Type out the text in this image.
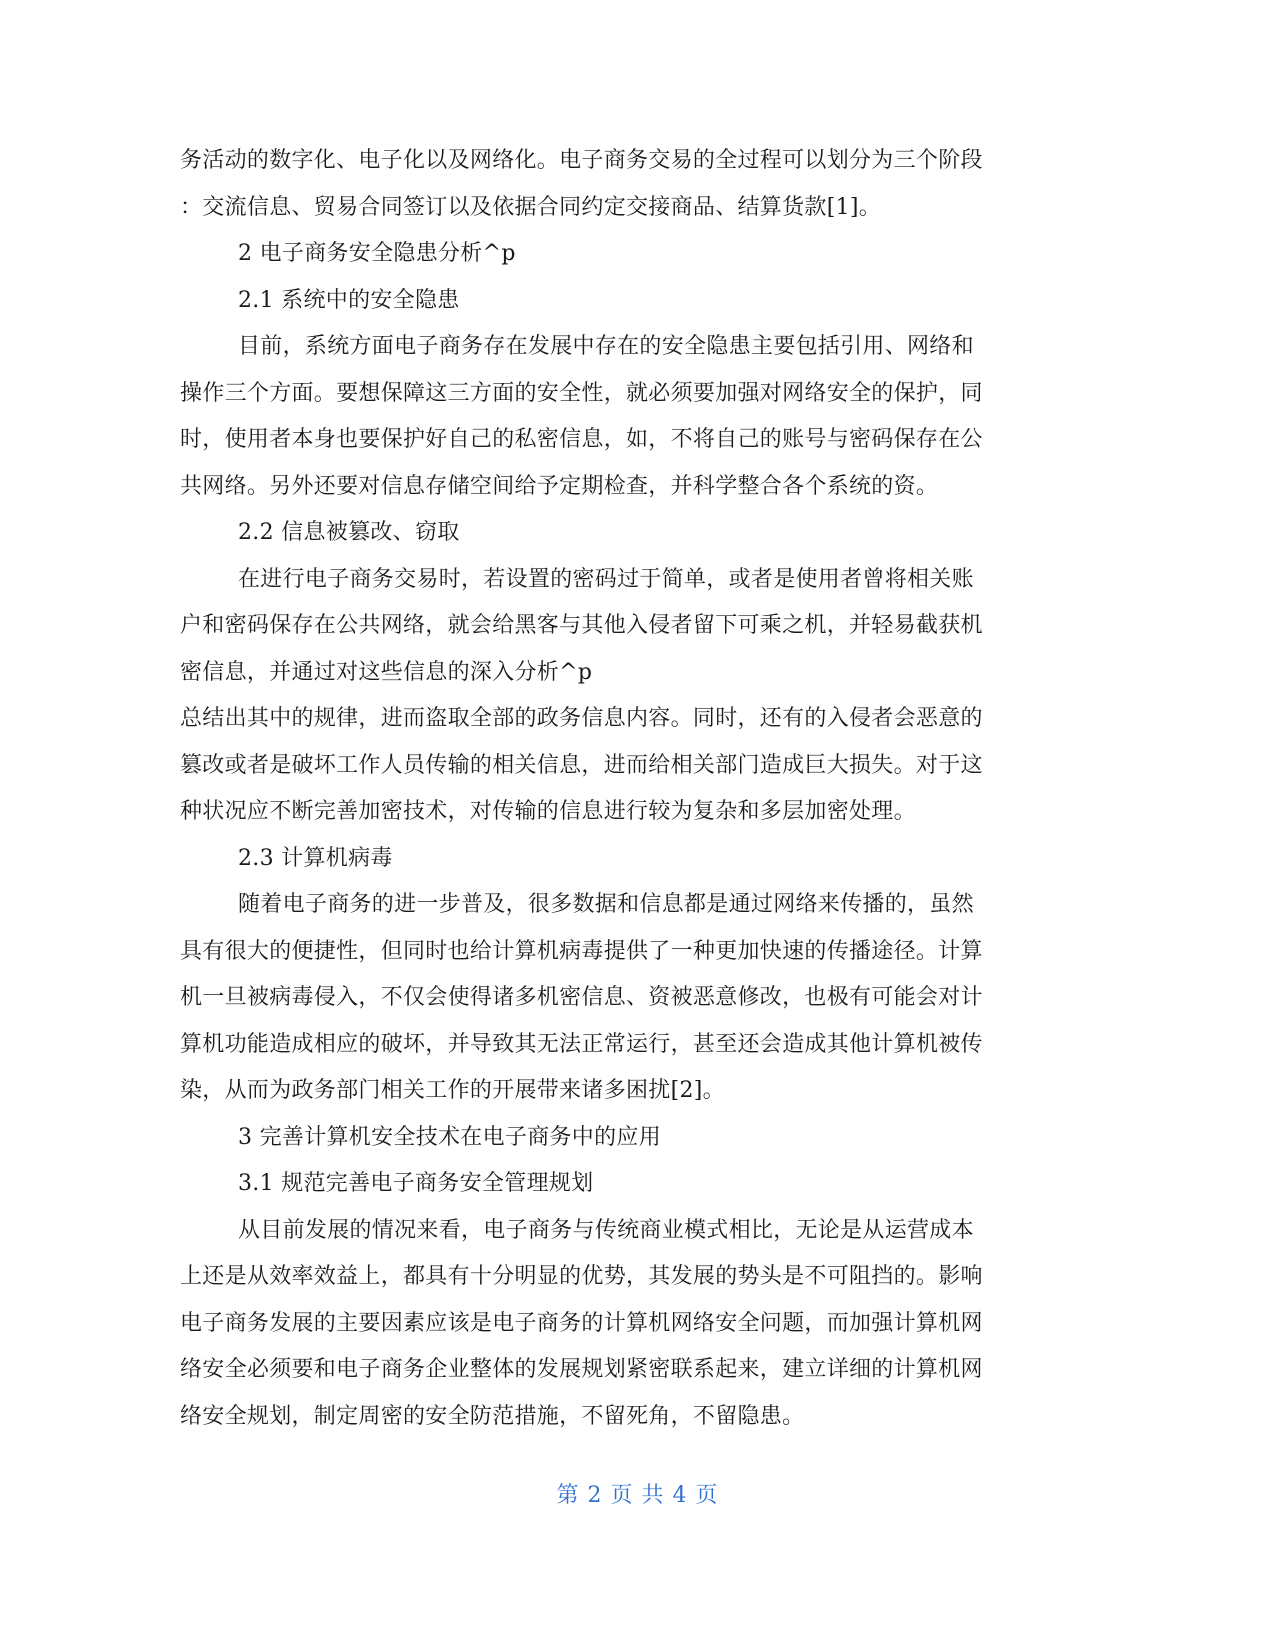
务活动的数字化、电子化以及网络化。电子商务交易的全过程可以划分为三个阶段
：交流信息、贸易合同签订以及依据合同约定交接商品、结算货款[1]。
2 电子商务安全隐患分析^p
2.1 系统中的安全隐患
目前，系统方面电子商务存在发展中存在的安全隐患主要包括引用、网络和
操作三个方面。要想保障这三方面的安全性，就必须要加强对网络安全的保护，同
时，使用者本身也要保护好自己的私密信息，如，不将自己的账号与密码保存在公
共网络。另外还要对信息存储空间给予定期检查，并科学整合各个系统的资。
2.2 信息被篡改、窃取
在进行电子商务交易时，若设置的密码过于简单，或者是使用者曾将相关账
户和密码保存在公共网络，就会给黑客与其他入侵者留下可乘之机，并轻易截获机
密信息，并通过对这些信息的深入分析^p
总结出其中的规律，进而盗取全部的政务信息内容。同时，还有的入侵者会恶意的
篡改或者是破坏工作人员传输的相关信息，进而给相关部门造成巨大损失。对于这
种状况应不断完善加密技术，对传输的信息进行较为复杂和多层加密处理。
2.3 计算机病毒
随着电子商务的进一步普及，很多数据和信息都是通过网络来传播的，虽然
具有很大的便捷性，但同时也给计算机病毒提供了一种更加快速的传播途径。计算
机一旦被病毒侵入，不仅会使得诸多机密信息、资被恶意修改，也极有可能会对计
算机功能造成相应的破坏，并导致其无法正常运行，甚至还会造成其他计算机被传
染，从而为政务部门相关工作的开展带来诸多困扰[2]。
3 完善计算机安全技术在电子商务中的应用
3.1 规范完善电子商务安全管理规划
从目前发展的情况来看，电子商务与传统商业模式相比，无论是从运营成本
上还是从效率效益上，都具有十分明显的优势，其发展的势头是不可阻挡的。影响
电子商务发展的主要因素应该是电子商务的计算机网络安全问题，而加强计算机网
络安全必须要和电子商务企业整体的发展规划紧密联系起来，建立详细的计算机网
络安全规划，制定周密的安全防范措施，不留死角，不留隐患。
第 2 页 共 4 页
